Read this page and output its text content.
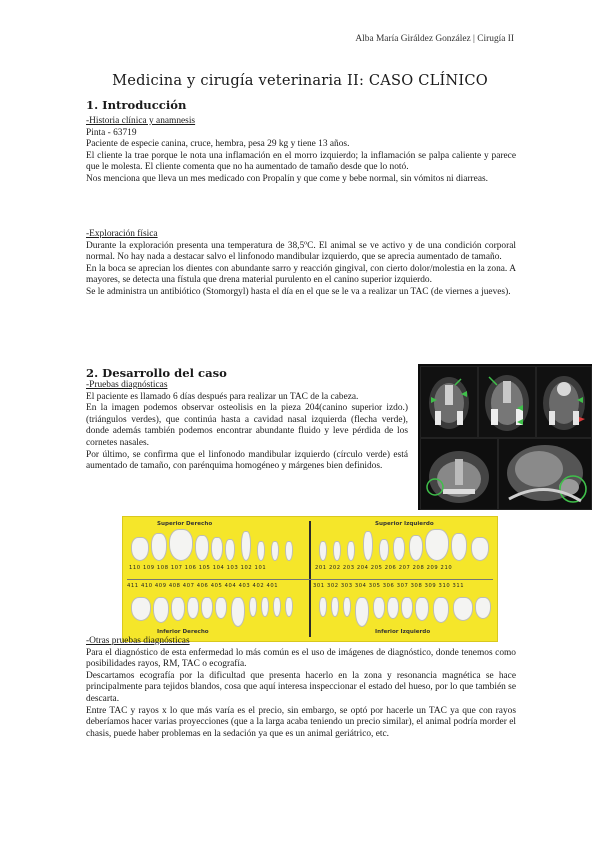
Alba María Giráldez González | Cirugía II
Medicina y cirugía veterinaria II: CASO CLÍNICO
1. Introducción

-Historia clínica y anamnesis

Pinta - 63719

Paciente de especie canina, cruce, hembra, pesa 29 kg y tiene 13 años.

El cliente la trae porque le nota una inflamación en el morro izquierdo; la inflamación se palpa caliente y parece que le molesta. El cliente comenta que no ha aumentado de tamaño desde que lo notó.

Nos menciona que lleva un mes medicado con Propalín y que come y bebe normal, sin vómitos ni diarreas.

-Exploración física

Durante la exploración presenta una temperatura de 38,5ºC. El animal se ve activo y de una condición corporal normal. No hay nada a destacar salvo el linfonodo mandibular izquierdo, que se aprecia aumentado de tamaño.

En la boca se aprecian los dientes con abundante sarro y reacción gingival, con cierto dolor/molestia en la zona. A mayores, se detecta una fístula que drena material purulento en el canino superior izquierdo.

Se le administra un antibiótico (Stomorgyl) hasta el día en el que se le va a realizar un TAC (de viernes a jueves).

2. Desarrollo del caso

-Pruebas diagnósticas

El paciente es llamado 6 días después para realizar un TAC de la cabeza.

En la imagen podemos observar osteolisis en la pieza 204(canino superior izdo.) (triángulos verdes), que continúa hasta a cavidad nasal izquierda (flecha verde), donde además también podemos encontrar abundante fluido y leve pérdida de los cornetes nasales.

Por último, se confirma que el linfonodo mandibular izquierdo (círculo verde) está aumentado de tamaño, con parénquima homogéneo y márgenes bien definidos.

Superior Derecho	Superior Izquierdo
Inferior Derecho	Inferior Izquierdo
110 109 108 107 106 105 104 103 102 101	201 202 203 204 205 206 207 208 209 210
411 410 409 408 407 406 405 404 403 402 401	301 302 303 304 305 306 307 308 309 310 311

-Otras pruebas diagnósticas

Para el diagnóstico de esta enfermedad lo más común es el uso de imágenes de diagnóstico, donde tenemos como posibilidades rayos, RM, TAC o ecografía.

Descartamos ecografía por la dificultad que presenta hacerlo en la zona y resonancia magnética se hace principalmente para tejidos blandos, cosa que aquí interesa inspeccionar el estado del hueso, por lo que también se descarta.

Entre TAC y rayos x lo que más varía es el precio, sin embargo, se optó por hacerle un TAC ya que con rayos deberíamos hacer varias proyecciones (que a la larga acaba teniendo un precio similar), el animal podría morder el chasis, puede haber problemas en la sedación ya que es un animal geriátrico, etc.
